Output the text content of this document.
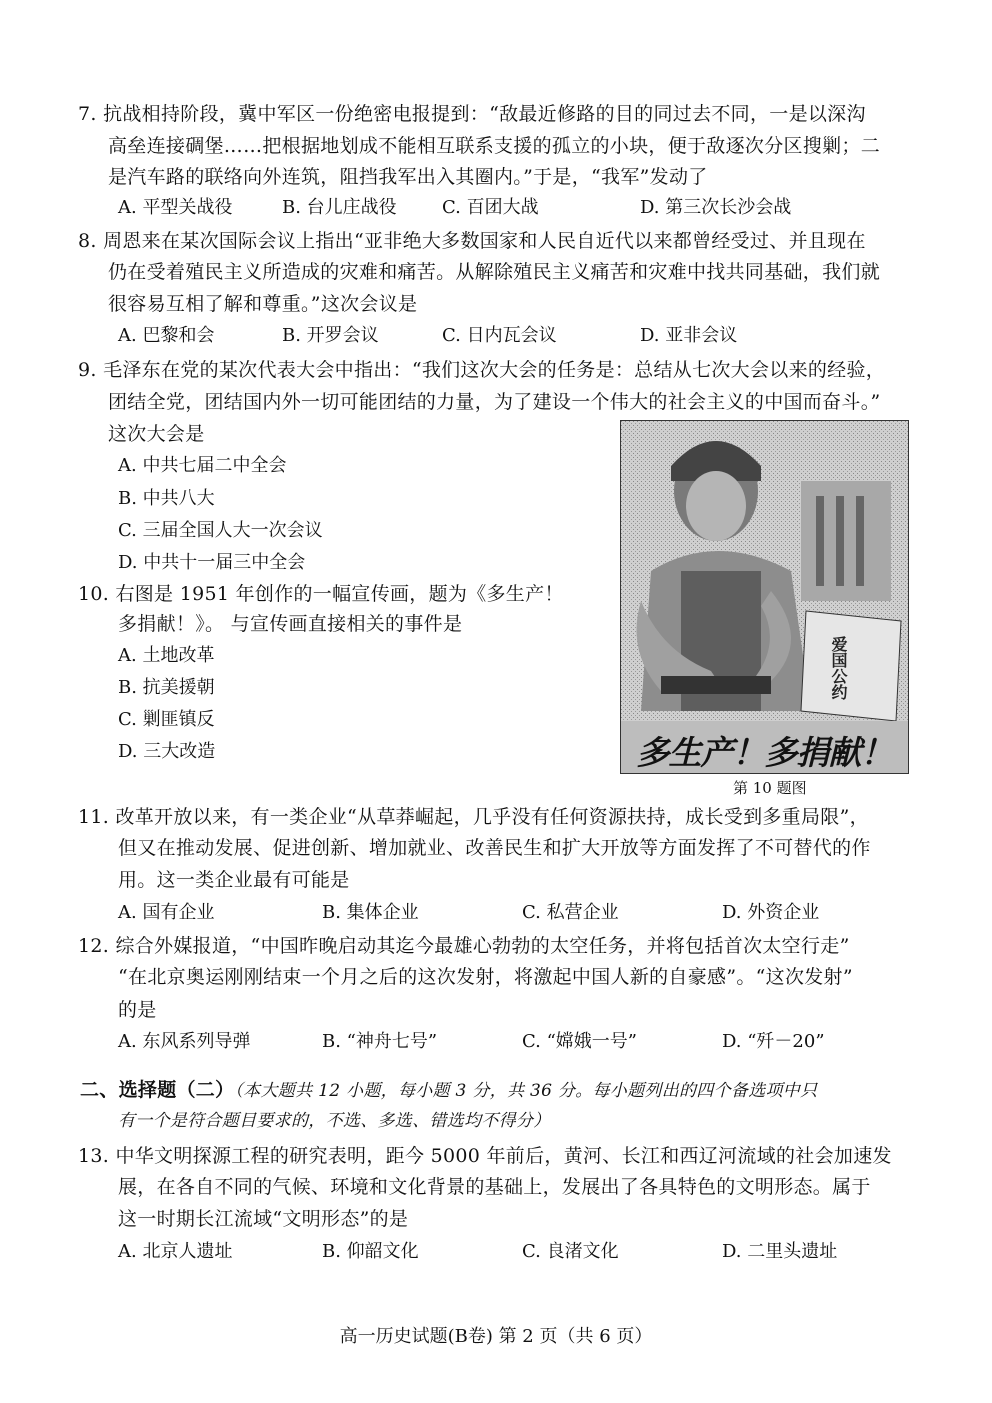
7. 抗战相持阶段，冀中军区一份绝密电报提到：“敌最近修路的目的同过去不同，一是以深沟
高垒连接碉堡……把根据地划成不能相互联系支援的孤立的小块，便于敌逐次分区搜剿；二
是汽车路的联络向外连筑，阻挡我军出入其圈内。”于是，“我军”发动了
A. 平型关战役	B. 台儿庄战役	C. 百团大战	D. 第三次长沙会战
8. 周恩来在某次国际会议上指出“亚非绝大多数国家和人民自近代以来都曾经受过、并且现在
仍在受着殖民主义所造成的灾难和痛苦。从解除殖民主义痛苦和灾难中找共同基础，我们就
很容易互相了解和尊重。”这次会议是
A. 巴黎和会	B. 开罗会议	C. 日内瓦会议	D. 亚非会议
9. 毛泽东在党的某次代表大会中指出：“我们这次大会的任务是：总结从七次大会以来的经验，
团结全党，团结国内外一切可能团结的力量，为了建设一个伟大的社会主义的中国而奋斗。”
这次大会是
A. 中共七届二中全会
B. 中共八大
C. 三届全国人大一次会议
D. 中共十一届三中全会
10. 右图是 1951 年创作的一幅宣传画，题为《多生产！
多捐献！》。 与宣传画直接相关的事件是
A. 土地改革
B. 抗美援朝
C. 剿匪镇反
D. 三大改造
爱国公约
多生产！多捐献！
第 10 题图
11. 改革开放以来，有一类企业“从草莽崛起，几乎没有任何资源扶持，成长受到多重局限”，
但又在推动发展、促进创新、增加就业、改善民生和扩大开放等方面发挥了不可替代的作
用。这一类企业最有可能是
A. 国有企业	B. 集体企业	C. 私营企业	D. 外资企业
12. 综合外媒报道，“中国昨晚启动其迄今最雄心勃勃的太空任务，并将包括首次太空行走”
“在北京奥运刚刚结束一个月之后的这次发射，将激起中国人新的自豪感”。“这次发射”
的是
A. 东风系列导弹	B. “神舟七号”	C. “嫦娥一号”	D. “歼－20”
二、选择题（二）（本大题共 12 小题，每小题 3 分，共 36 分。每小题列出的四个备选项中只
有一个是符合题目要求的，不选、多选、错选均不得分）
13. 中华文明探源工程的研究表明，距今 5000 年前后，黄河、长江和西辽河流域的社会加速发
展，在各自不同的气候、环境和文化背景的基础上，发展出了各具特色的文明形态。属于
这一时期长江流域“文明形态”的是
A. 北京人遗址	B. 仰韶文化	C. 良渚文化	D. 二里头遗址
高一历史试题(B卷) 第 2 页（共 6 页）
